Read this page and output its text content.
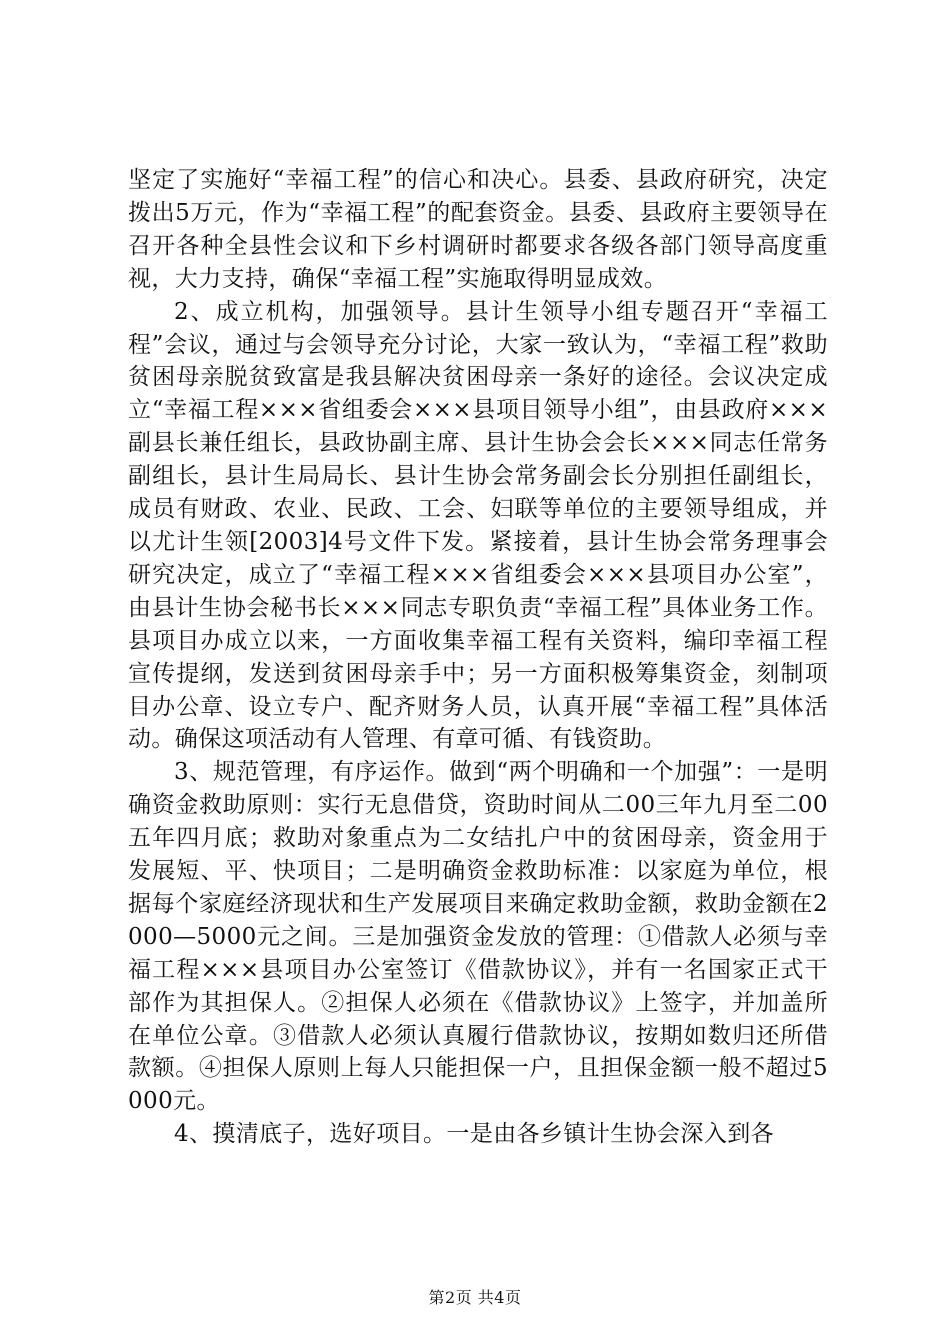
坚定了实施好“幸福工程”的信心和决心。县委、县政府研究，决定拨出5万元，作为“幸福工程”的配套资金。县委、县政府主要领导在召开各种全县性会议和下乡村调研时都要求各级各部门领导高度重视，大力支持，确保“幸福工程”实施取得明显成效。

2、成立机构，加强领导。县计生领导小组专题召开“幸福工程”会议，通过与会领导充分讨论，大家一致认为，“幸福工程”救助贫困母亲脱贫致富是我县解决贫困母亲一条好的途径。会议决定成立“幸福工程×××省组委会×××县项目领导小组”，由县政府×××副县长兼任组长，县政协副主席、县计生协会会长×××同志任常务副组长，县计生局局长、县计生协会常务副会长分别担任副组长，成员有财政、农业、民政、工会、妇联等单位的主要领导组成，并以尤计生领[2003]4号文件下发。紧接着，县计生协会常务理事会研究决定，成立了“幸福工程×××省组委会×××县项目办公室”，由县计生协会秘书长×××同志专职负责“幸福工程”具体业务工作。县项目办成立以来，一方面收集幸福工程有关资料，编印幸福工程宣传提纲，发送到贫困母亲手中；另一方面积极筹集资金，刻制项目办公章、设立专户、配齐财务人员，认真开展“幸福工程”具体活动。确保这项活动有人管理、有章可循、有钱资助。

3、规范管理，有序运作。做到“两个明确和一个加强”：一是明确资金救助原则：实行无息借贷，资助时间从二00三年九月至二00五年四月底；救助对象重点为二女结扎户中的贫困母亲，资金用于发展短、平、快项目；二是明确资金救助标准：以家庭为单位，根据每个家庭经济现状和生产发展项目来确定救助金额，救助金额在2000—5000元之间。三是加强资金发放的管理：①借款人必须与幸福工程×××县项目办公室签订《借款协议》，并有一名国家正式干部作为其担保人。②担保人必须在《借款协议》上签字，并加盖所在单位公章。③借款人必须认真履行借款协议，按期如数归还所借款额。④担保人原则上每人只能担保一户，且担保金额一般不超过5000元。

4、摸清底子，选好项目。一是由各乡镇计生协会深入到各

第2页 共4页
